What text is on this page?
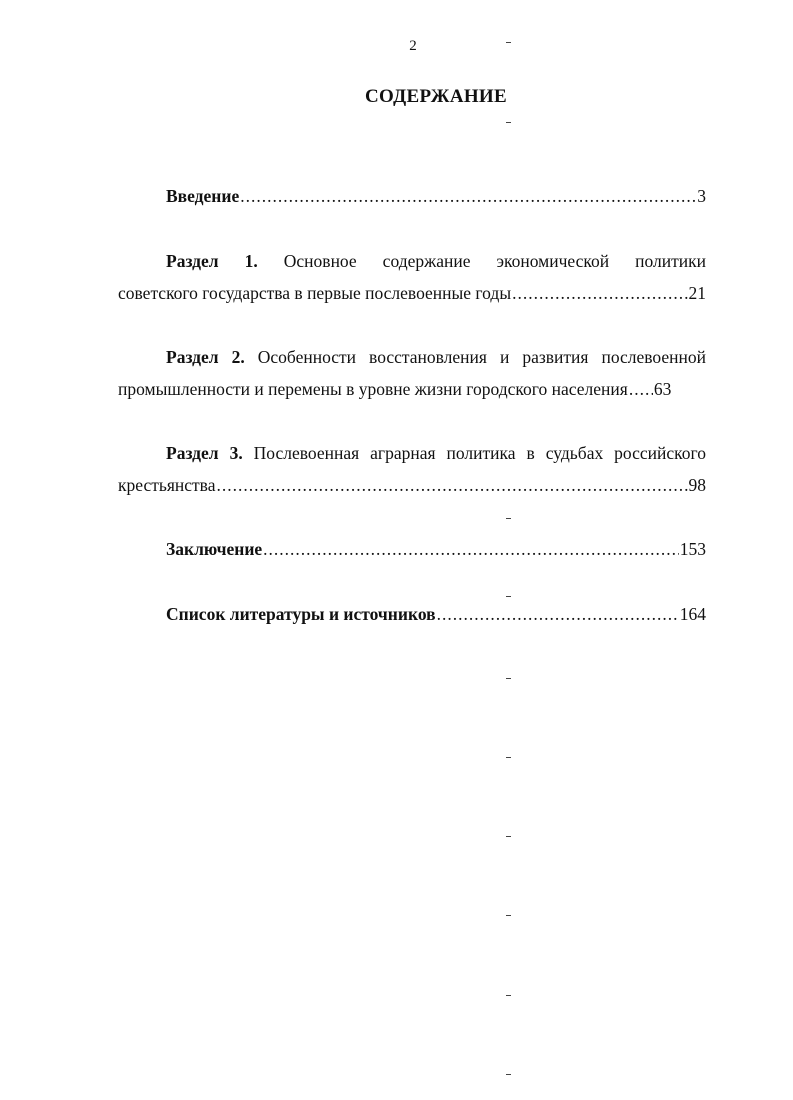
2
СОДЕРЖАНИЕ
Введение .....	3
Раздел 1. Основное содержание экономической политики
советского государства в первые послевоенные годы .....	21
Раздел 2. Особенности восстановления и развития послевоенной
промышленности и перемены в уровне жизни городского населения ..... 63
Раздел 3. Послевоенная аграрная политика в судьбах российского
крестьянства .....	98
Заключение .....	153
Список литературы и источников .....	164
